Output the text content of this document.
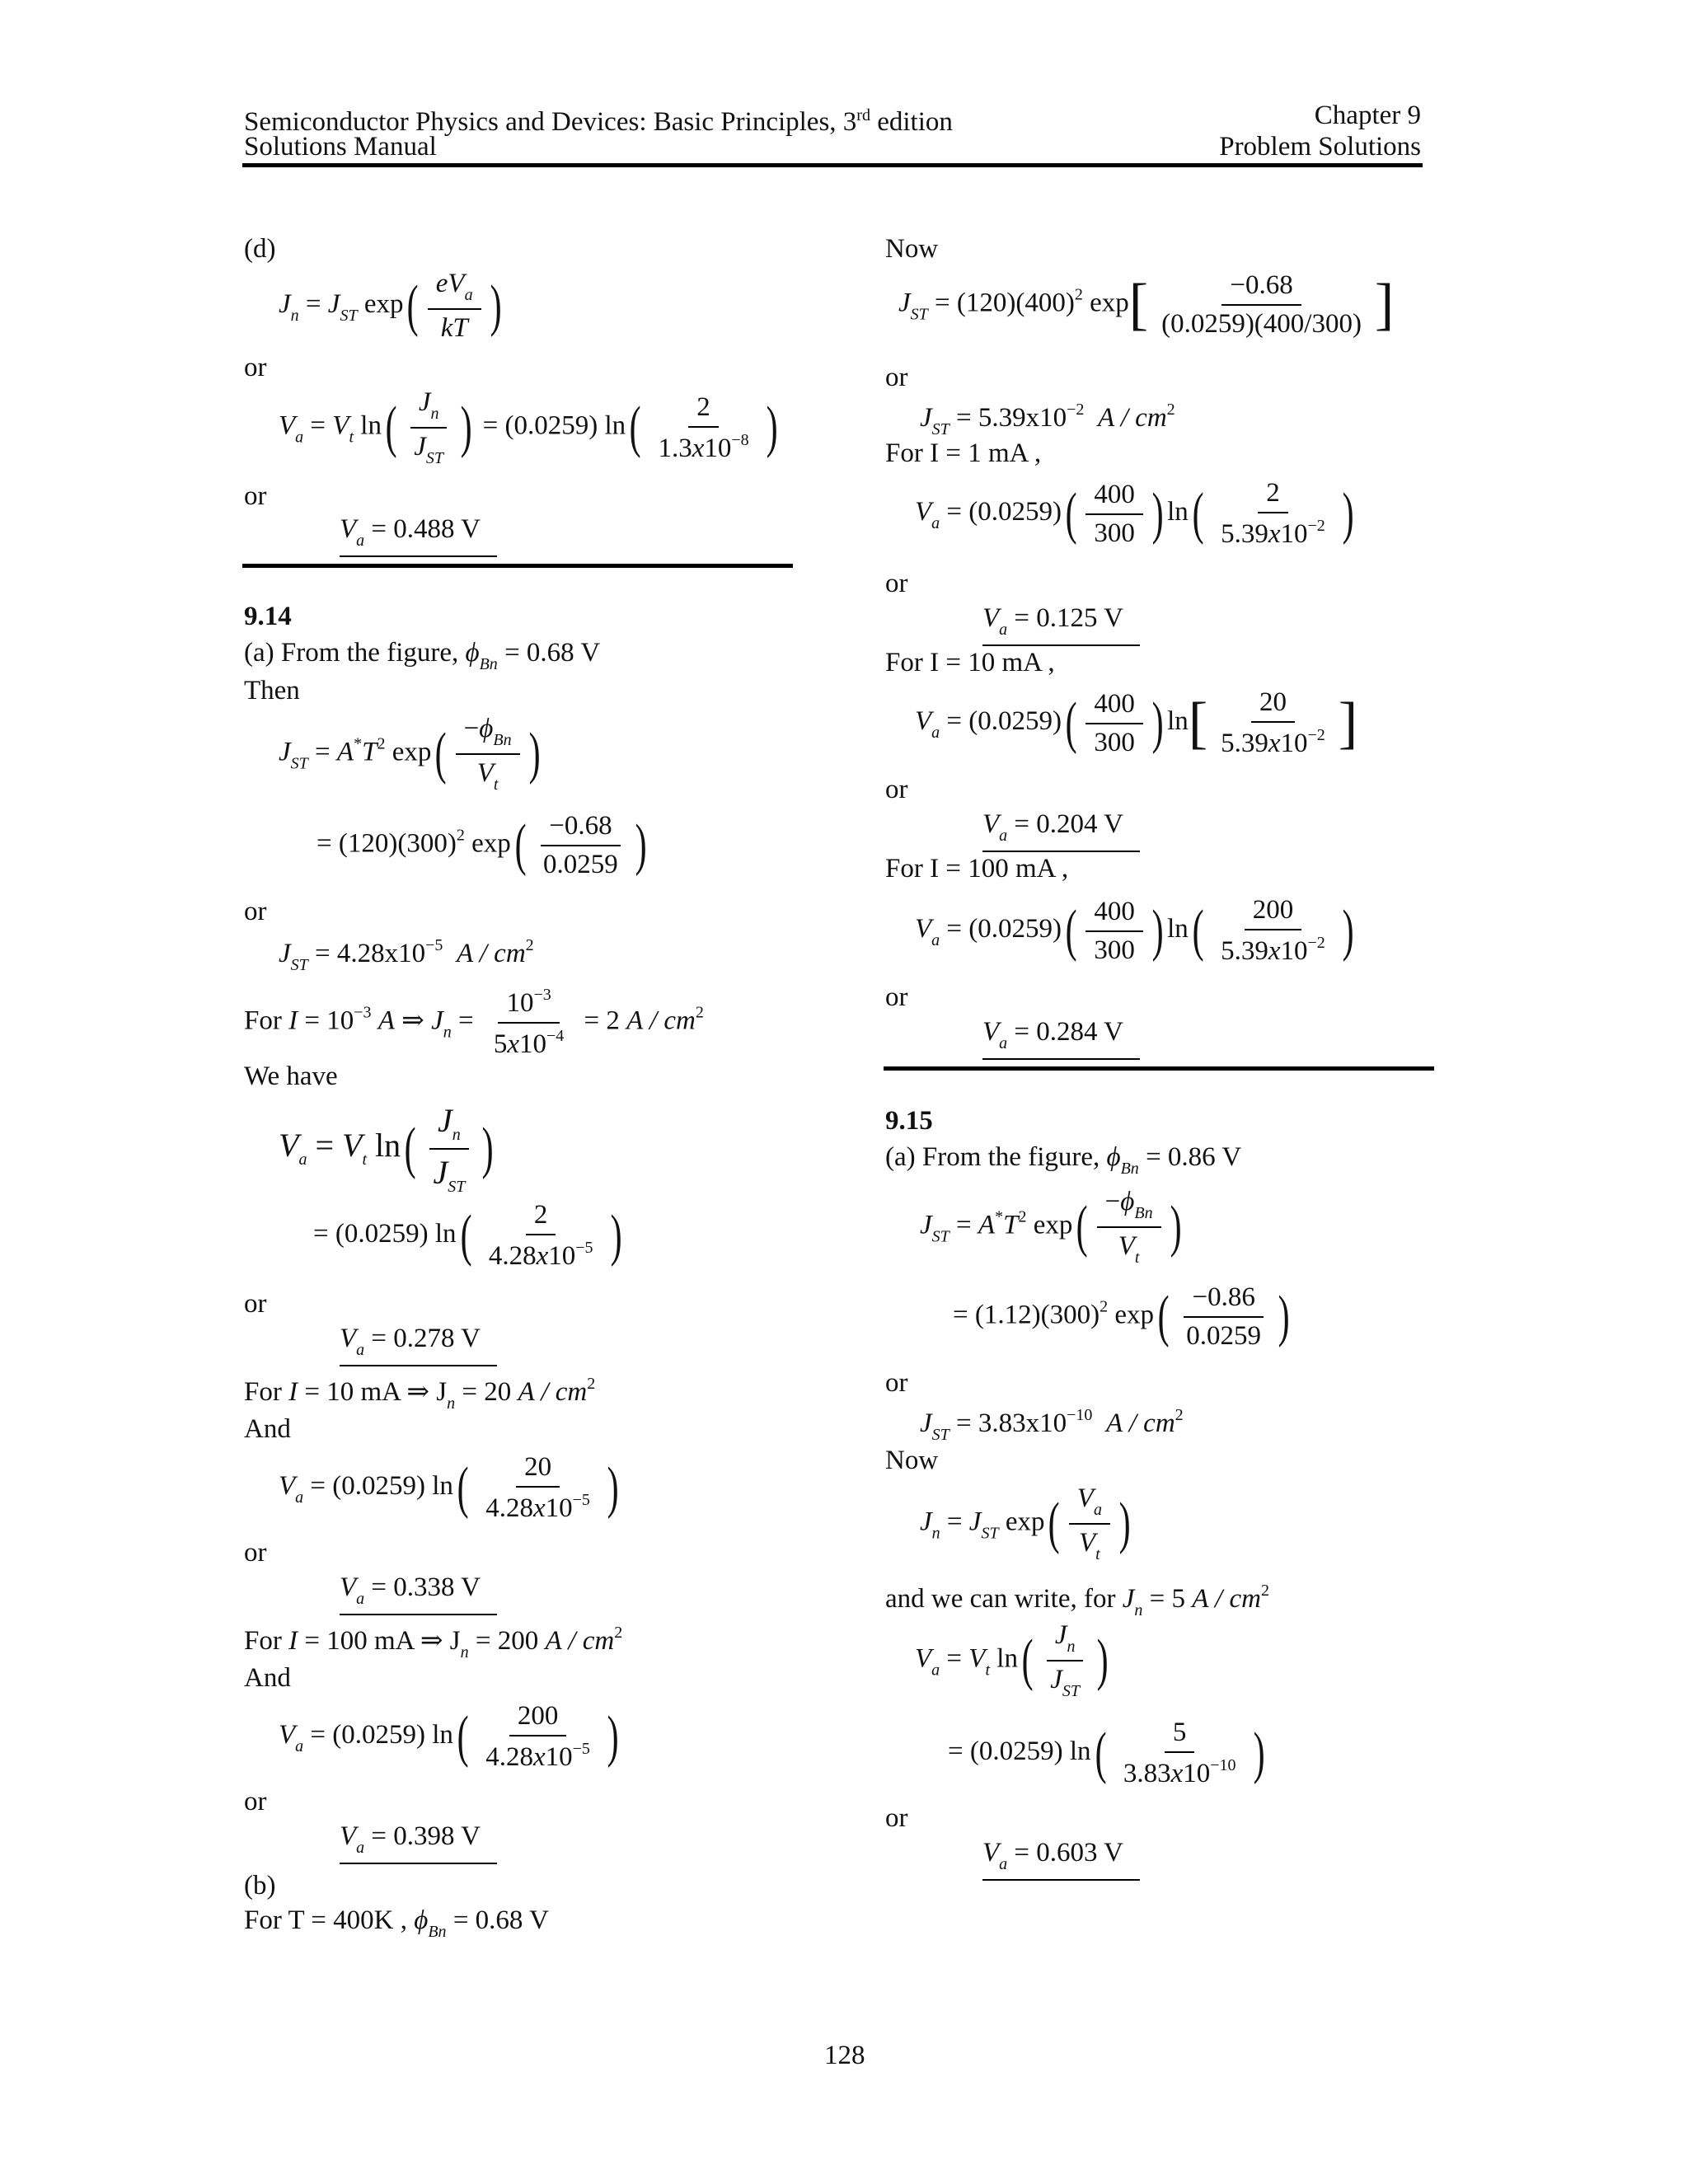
Semiconductor Physics and Devices: Basic Principles, 3rd edition
Solutions Manual
Chapter 9
Problem Solutions
(d)
$J_n = J_{ST}$ $\exp( \frac{eV_a}{kT}$ )
or
$V_a = V_t$ $\ln( \frac{J_n}{J_{ST}}$ ) = (0.0259) $\ln( \frac{2}{1.3x10^{-8}}$ )
or
$V_a = 0.488$ V
9.14
(a) From the figure, $\phi_{Bn} = 0.68$ V
Then
$J_{ST} = A^*T^2$ $\exp( \frac{-\phi_{Bn}}{V_t}$ )
= $(120)(300)^2$ $\exp( \frac{-0.68}{0.0259}$ )
or
$J_{ST} = 4.28x10^{-5}$ A / $cm^2$
For $I = 10^{-3}$ A ⇒ $J_n = \frac{10^{-3}}{5x10^{-4}} = 2$ A / $cm^2$
We have
$V_a = V_t$ $\ln( \frac{J_n}{J_{ST}}$ )
= (0.0259) $\ln( \frac{2}{4.28x10^{-5}}$ )
or
$V_a = 0.278$ V
For I = 10 mA ⇒ $J_n = 20$ A / $cm^2$
And
$V_a = (0.0259)$ $\ln( \frac{20}{4.28x10^{-5}}$ )
or
$V_a = 0.338$ V
For I = 100 mA ⇒ $J_n = 200$ A / $cm^2$
And
$V_a = (0.0259)$ $\ln( \frac{200}{4.28x10^{-5}}$ )
or
$V_a = 0.398$ V
(b)
For T = 400K , $\phi_{Bn} = 0.68$ V
Now
$J_{ST} = (120)(400)^2$ $\exp[ \frac{-0.68}{(0.0259)(400/300)}$ ]
or
$J_{ST} = 5.39x10^{-2}$ A / $cm^2$
For I = 1 mA ,
$V_a = (0.0259)( \frac{400}{300}$ ) $\ln( \frac{2}{5.39x10^{-2}}$ )
or
$V_a = 0.125$ V
For I = 10 mA ,
$V_a = (0.0259)( \frac{400}{300}$ ) $\ln[ \frac{20}{5.39x10^{-2}}$ ]
or
$V_a = 0.204$ V
For I = 100 mA ,
$V_a = (0.0259)( \frac{400}{300}$ ) $\ln( \frac{200}{5.39x10^{-2}}$ )
or
$V_a = 0.284$ V
9.15
(a) From the figure, $\phi_{Bn} = 0.86$ V
$J_{ST} = A^*T^2$ $\exp( \frac{-\phi_{Bn}}{V_t}$ )
= $(1.12)(300)^2$ $\exp( \frac{-0.86}{0.0259}$ )
or
$J_{ST} = 3.83x10^{-10}$ A / $cm^2$
Now
$J_n = J_{ST}$ $\exp( \frac{V_a}{V_t}$ )
and we can write, for $J_n = 5$ A / $cm^2$
$V_a = V_t$ $\ln( \frac{J_n}{J_{ST}}$ )
= (0.0259) $\ln( \frac{5}{3.83x10^{-10}}$ )
or
$V_a = 0.603$ V
128
